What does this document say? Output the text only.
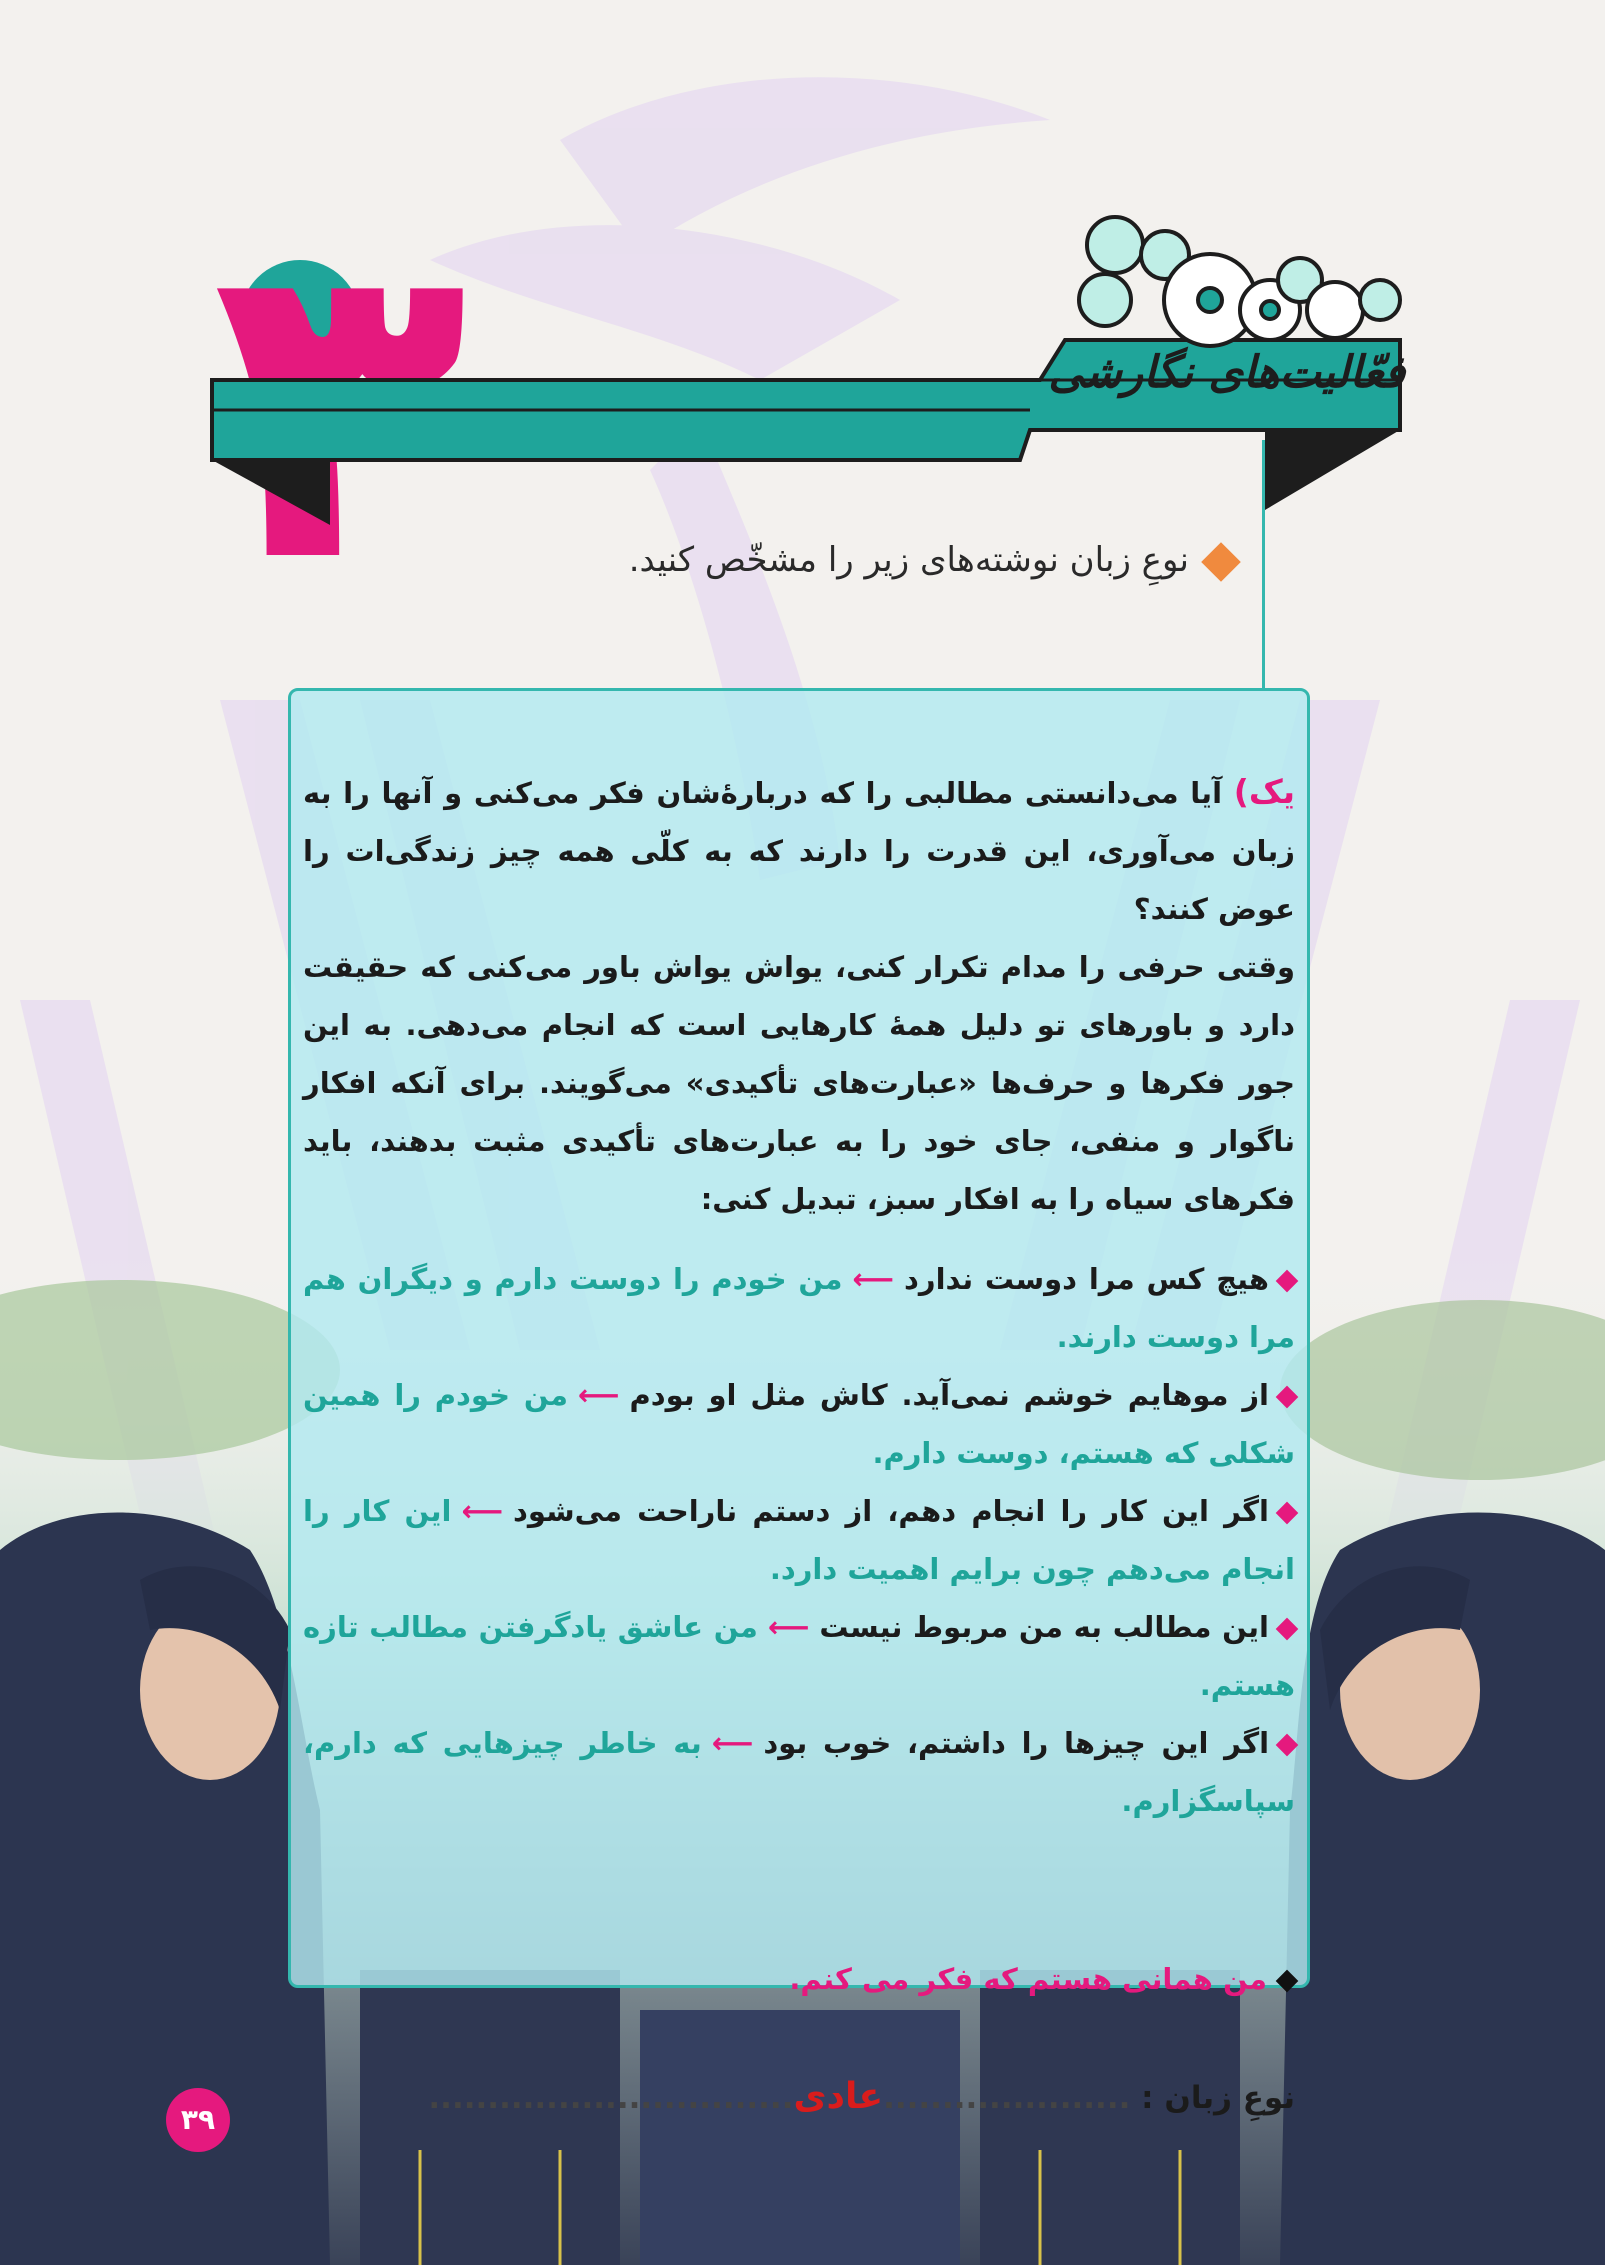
فعّالیت‌های نگارشی
نوعِ زبان نوشته‌های زیر را مشخّص کنید.

یک) آیا می‌دانستی مطالبی را که دربارۀشان فکر می‌کنی و آنها را به زبان می‌آوری، این قدرت را دارند که به کلّی همه چیز زندگی‌ات را عوض کنند؟

وقتی حرفی را مدام تکرار کنی، یواش یواش باور می‌کنی که حقیقت دارد و باورهای تو دلیل همۀ کارهایی است که انجام می‌دهی. به این جور فکرها و حرف‌ها «عبارت‌های تأکیدی» می‌گویند. برای آنکه افکار ناگوار و منفی، جای خود را به عبارت‌های تأکیدی مثبت بدهند، باید فکرهای سیاه را به افکار سبز، تبدیل کنی:

هیچ کس مرا دوست ندارد⟵من خودم را دوست دارم و دیگران هم مرا دوست دارند.

از موهایم خوشم نمی‌آید. کاش مثل او بودم⟵من خودم را همین شکلی که هستم، دوست دارم.

اگر این کار را انجام دهم، از دستم ناراحت می‌شود⟵این کار را انجام می‌دهم چون برایم اهمیت دارد.

این مطالب به من مربوط نیست⟵من عاشق یادگرفتن مطالب تازه هستم.

اگر این چیزها را داشتم، خوب بود⟵به خاطر چیزهایی که دارم، سپاسگزارم.

من همانی هستم که فکر می کنم.

نوعِ زبان : .....................عادی...............................

۳۹
